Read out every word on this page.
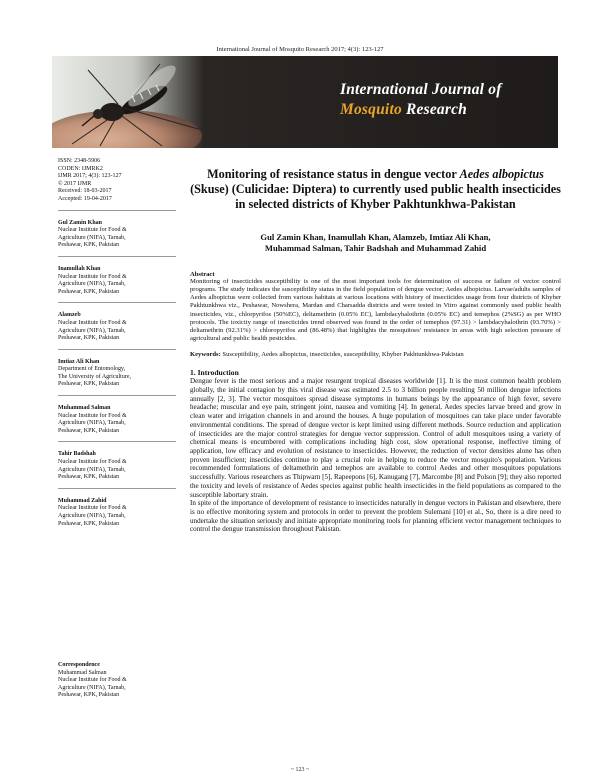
International Journal of Mosquito Research 2017; 4(3): 123-127
International Journal of
Mosquito Research
ISSN: 2348-5906
CODEN: IJMRK2
IJMR 2017; 4(3): 123-127
© 2017 IJMR
Received: 18-03-2017
Accepted: 19-04-2017
Gul Zamin Khan
Nuclear Institute for Food &
Agriculture (NIFA), Tarnab,
Peshawar, KPK, Pakistan
Inamullah Khan
Nuclear Institute for Food &
Agriculture (NIFA), Tarnab,
Peshawar, KPK, Pakistan
Alamzeb
Nuclear Institute for Food &
Agriculture (NIFA), Tarnab,
Peshawar, KPK, Pakistan
Imtiaz Ali Khan
Department of Entomology,
The University of Agriculture,
Peshawar, KPK, Pakistan
Muhammad Salman
Nuclear Institute for Food &
Agriculture (NIFA), Tarnab,
Peshawar, KPK, Pakistan
Tahir Badshah
Nuclear Institute for Food &
Agriculture (NIFA), Tarnab,
Peshawar, KPK, Pakistan
Muhammad Zahid
Nuclear Institute for Food &
Agriculture (NIFA), Tarnab,
Peshawar, KPK, Pakistan
Correspondence
Muhammad Salman
Nuclear Institute for Food &
Agriculture (NIFA), Tarnab,
Peshawar, KPK, Pakistan
Monitoring of resistance status in dengue vector Aedes albopictus (Skuse) (Culicidae: Diptera) to currently used public health insecticides in selected districts of Khyber Pakhtunkhwa-Pakistan
Gul Zamin Khan, Inamullah Khan, Alamzeb, Imtiaz Ali Khan,
Muhammad Salman, Tahir Badshah and Muhammad Zahid
Abstract

Monitoring of insecticides susceptibility is one of the most important tools for determination of success or failure of vector control programs. The study indicates the susceptibility status in the field population of dengue vector; Aedes albopictus. Larvae/adults samples of Aedes albopictus were collected from various habitats at various locations with history of insecticides usage from four districts of Khyber Pakhtunkhwa viz., Peshawar, Nowshera, Mardan and Charsadda districts and were tested in Vitro against commonly used public health insecticides, viz., chlorpyrifos (50%EC), deltamethrin (0.05% EC), lambdacyhalothrin (0.05% EC) and temephos (2%SG) as per WHO protocols. The toxicity range of insecticides trend observed was found in the order of temephos (97.31) > lambdacyhalothrin (93.70%) > deltamethrin (92.31%) > chloropyrifos and (86.48%) that highlights the mosquitoes' resistance in areas with high selection pressure of agricultural and public health pesticides.

Keywords: Susceptibility, Aedes albopictus, insecticides, susceptibility, Khyber Pakhtunkhwa-Pakistan
1. Introduction

Dengue fever is the most serious and a major resurgent tropical diseases worldwide [1]. It is the most common health problem globally, the initial contagion by this viral disease was estimated 2.5 to 3 billion people resulting 50 million dengue infections annually [2, 3]. The vector mosquitoes spread disease symptoms in humans beings by the appearance of high fever, severe headache; muscular and eye pain, stringent joint, nausea and vomiting [4]. In general, Aedes species larvae breed and grow in clean water and irrigation channels in and around the houses. A huge population of mosquitoes can take place under favorable environmental conditions. The spread of dengue vector is kept limited using different methods. Source reduction and application of insecticides are the major control strategies for dengue vector suppression. Control of adult mosquitoes using a variety of chemical means is encumbered with complications including high cost, slow operational response, ineffective timing of application, low efficacy and evolution of resistance to insecticides. However, the reduction of vector densities alone has often proven insufficient; insecticides continue to play a crucial role in helping to reduce the vector mosquito's population. Various recommended formulations of deltamethrin and temephos are available to control Aedes and other mosquitoes populations successfully. Various researchers as Thipwarn [5], Rapeepons [6], Kanugang [7], Marcombe [8] and Polson [9]; they also reported the toxicity and levels of resistance of Aedes species against public health insecticides in the field populations as compared to the susceptible labortary strain.

In spite of the importance of development of resistance to insecticides naturally in dengue vectors in Pakistan and elsewhere, there is no effective monitoring system and protocols in order to prevent the problem Sulemani [10] et al., So, there is a dire need to undertake the situation seriously and initiate appropriate monitoring tools for planning efficient vector management techniques to control the dengue transmission throughout Pakistan.

~ 123 ~
